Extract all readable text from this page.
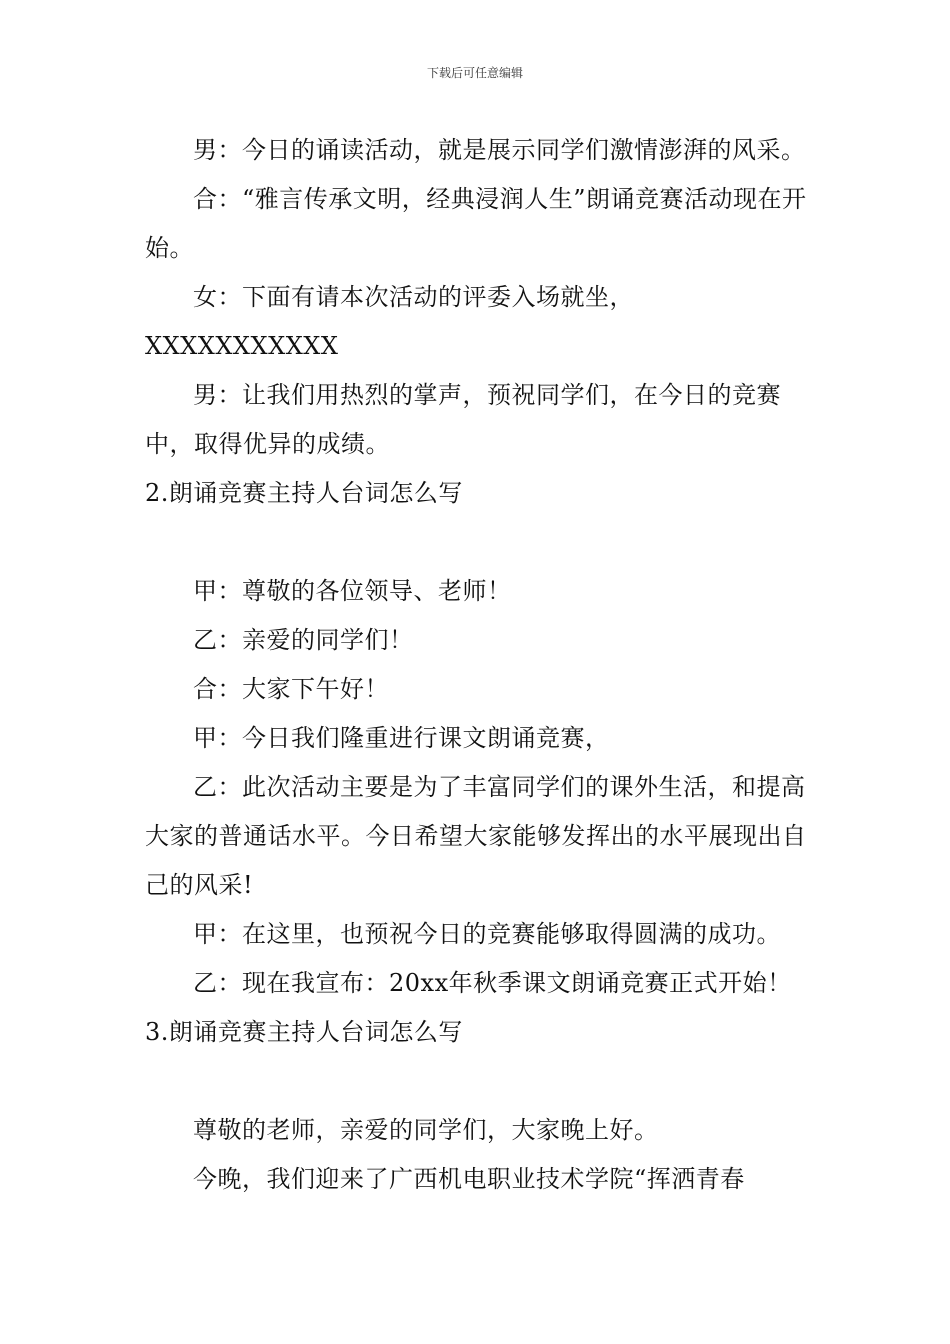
下载后可任意编辑

男：今日的诵读活动，就是展示同学们激情澎湃的风采。

合：“雅言传承文明，经典浸润人生”朗诵竞赛活动现在开始。

女：下面有请本次活动的评委入场就坐，XXXXXXXXXXX

男：让我们用热烈的掌声，预祝同学们，在今日的竞赛中，取得优异的成绩。

2.朗诵竞赛主持人台词怎么写

甲：尊敬的各位领导、老师！

乙：亲爱的同学们！

合：大家下午好！

甲：今日我们隆重进行课文朗诵竞赛，

乙：此次活动主要是为了丰富同学们的课外生活，和提高大家的普通话水平。今日希望大家能够发挥出的水平展现出自己的风采!

甲：在这里，也预祝今日的竞赛能够取得圆满的成功。

乙：现在我宣布：20xx年秋季课文朗诵竞赛正式开始！

3.朗诵竞赛主持人台词怎么写

尊敬的老师，亲爱的同学们，大家晚上好。

今晚，我们迎来了广西机电职业技术学院“挥洒青春
